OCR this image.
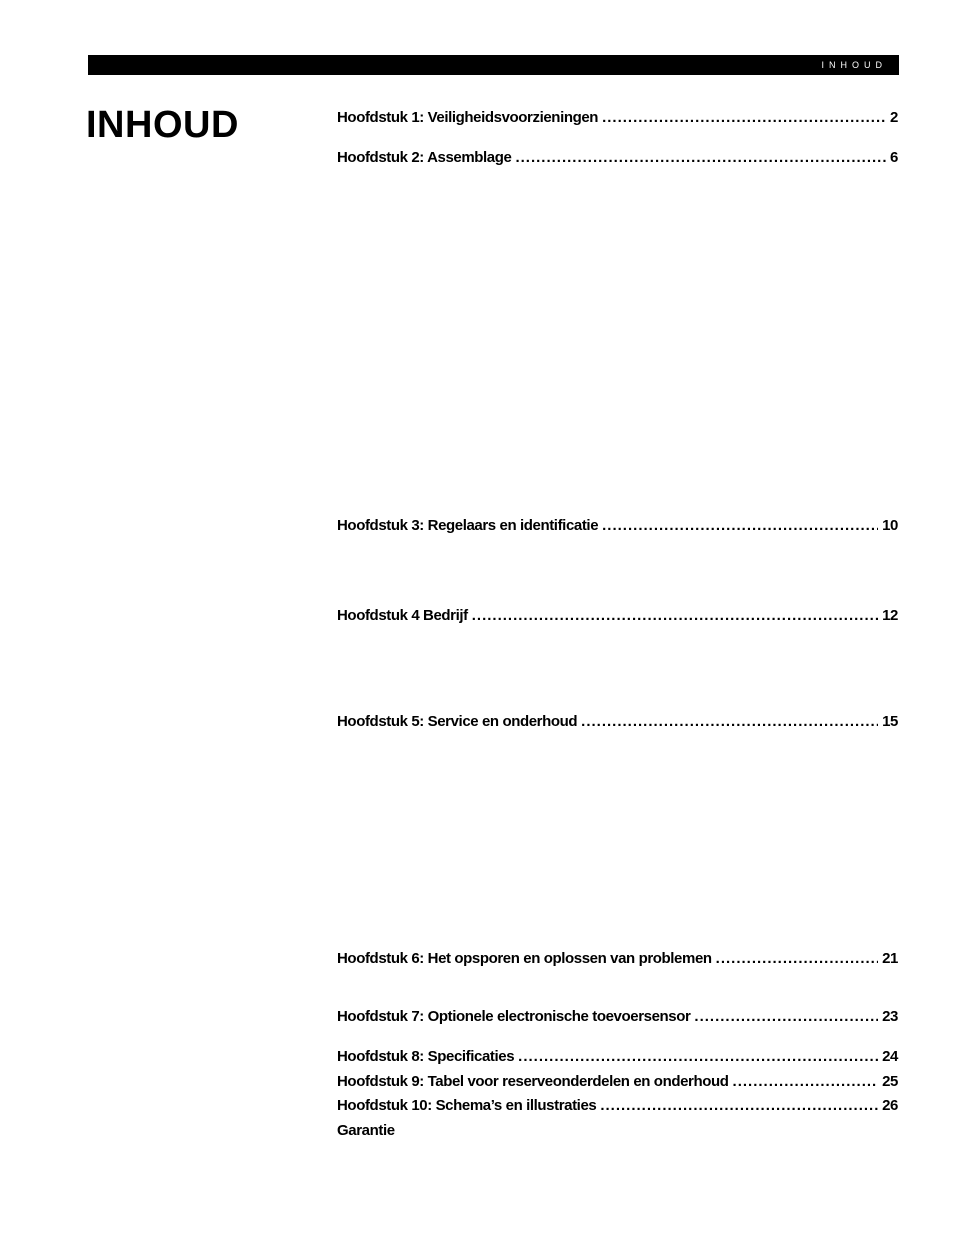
INHOUD
INHOUD	Hoofdstuk 1: Veiligheidsvoorzieningen .....	2
Hoofdstuk 2: Assemblage .....	6
Hoofdstuk 3: Regelaars en identificatie .....	10
Hoofdstuk 4 Bedrijf .....	12
Hoofdstuk 5: Service en onderhoud .....	15
Hoofdstuk 6: Het opsporen en oplossen van problemen .....	21
Hoofdstuk 7: Optionele electronische toevoersensor .....	23
Hoofdstuk 8: Specificaties .....	24
Hoofdstuk 9: Tabel voor reserveonderdelen en onderhoud .....	25
Hoofdstuk 10: Schema’s en illustraties .....	26
Garantie
